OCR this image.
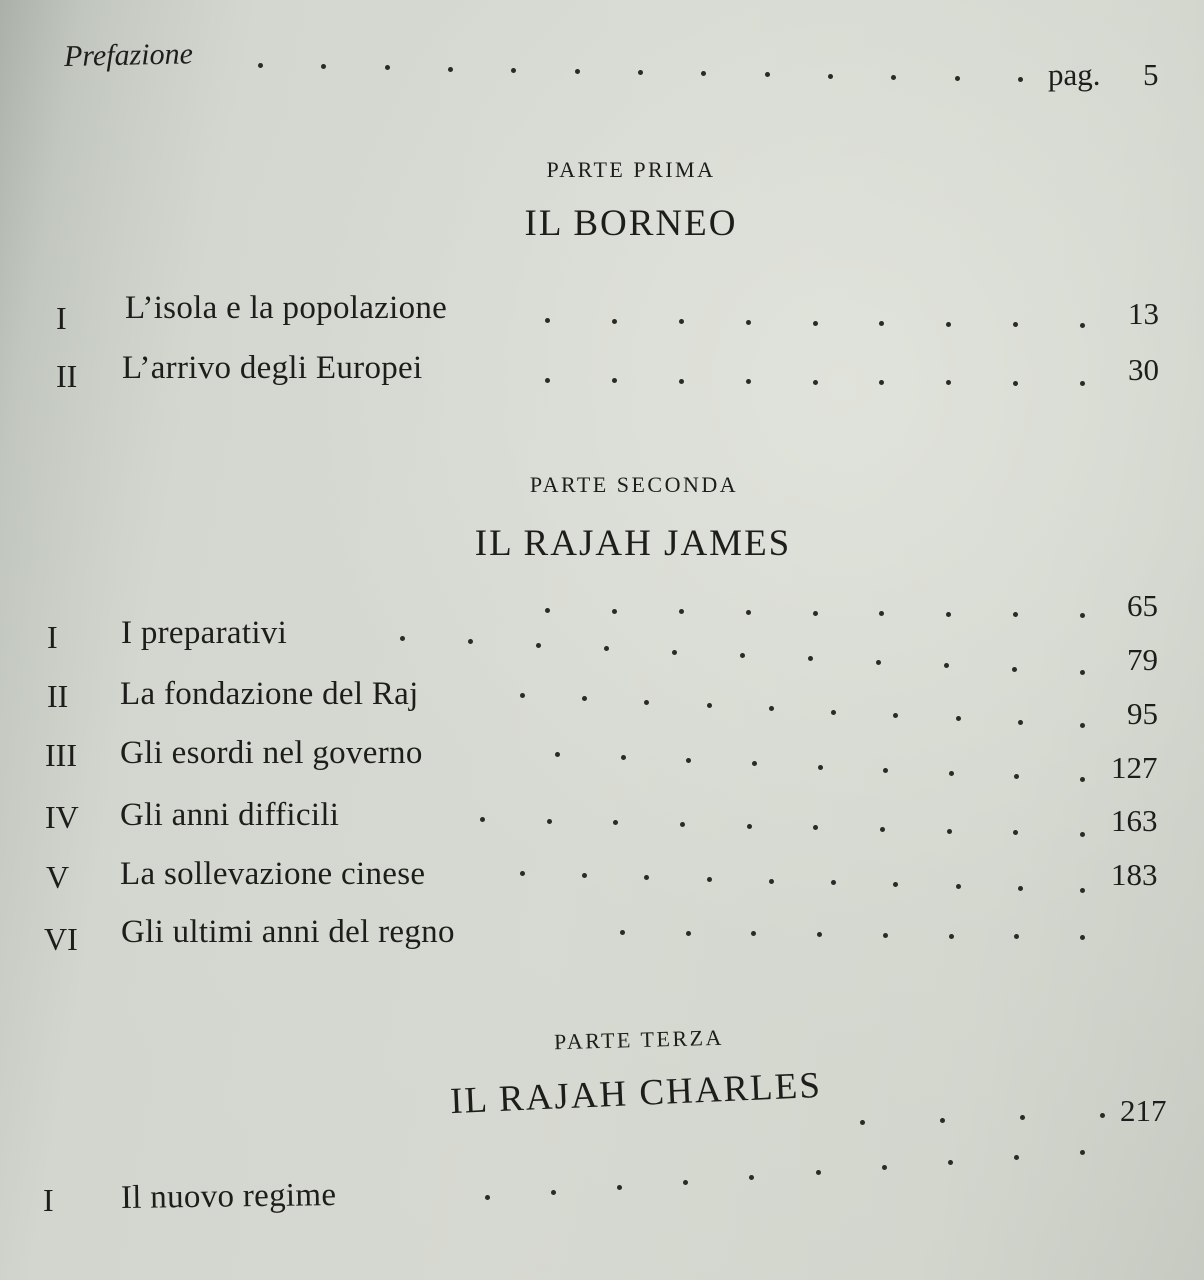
Prefazione
pag. 5
PARTE PRIMA
IL BORNEO
I L’isola e la popolazione	13
II L’arrivo degli Europei	30
PARTE SECONDA
IL RAJAH JAMES
I I preparativi
65
II La fondazione del Raj
79
III Gli esordi nel governo
95
IV Gli anni difficili
127
V La sollevazione cinese
163
VI Gli ultimi anni del regno
183
PARTE TERZA
IL RAJAH CHARLES
I Il nuovo regime
217
